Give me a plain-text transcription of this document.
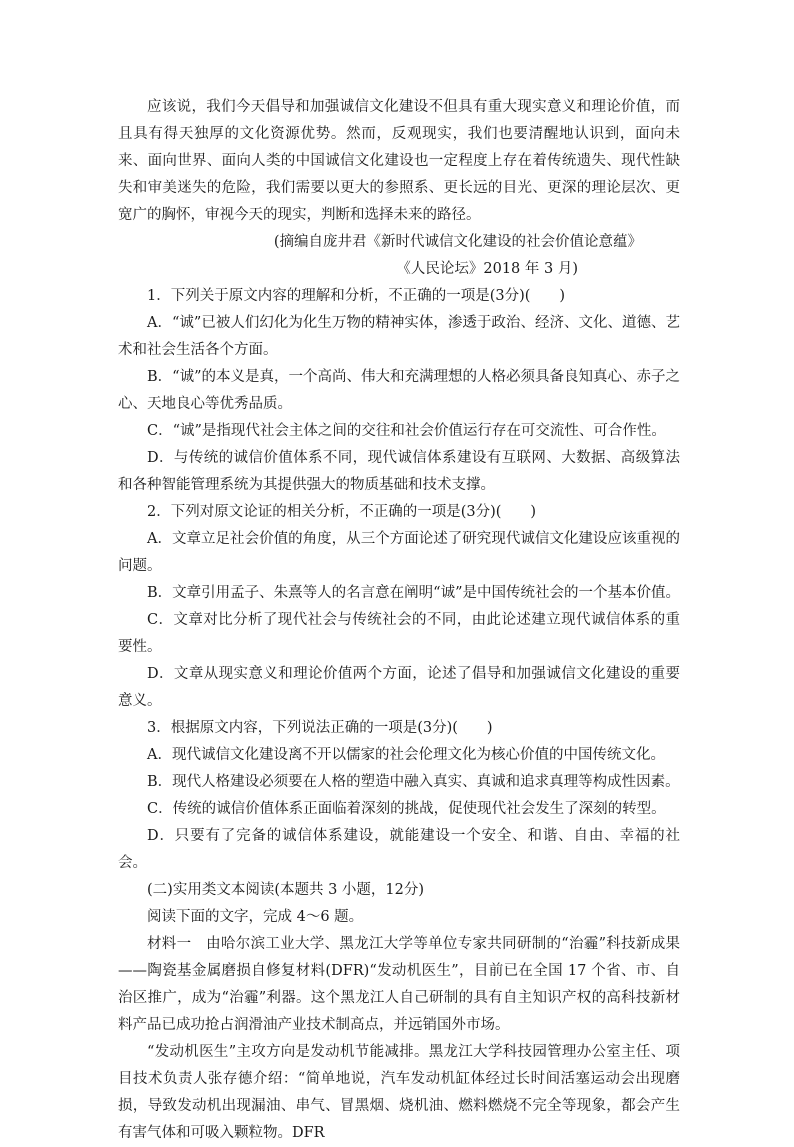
应该说，我们今天倡导和加强诚信文化建设不但具有重大现实意义和理论价值，而且具有得天独厚的文化资源优势。然而，反观现实，我们也要清醒地认识到，面向未来、面向世界、面向人类的中国诚信文化建设也一定程度上存在着传统遗失、现代性缺失和审美迷失的危险，我们需要以更大的参照系、更长远的目光、更深的理论层次、更宽广的胸怀，审视今天的现实，判断和选择未来的路径。

(摘编自庞井君《新时代诚信文化建设的社会价值论意蕴》

《人民论坛》2018 年 3 月)

1．下列关于原文内容的理解和分析，不正确的一项是(3分)(　　)

A．“诚”已被人们幻化为化生万物的精神实体，渗透于政治、经济、文化、道德、艺术和社会生活各个方面。

B．“诚”的本义是真，一个高尚、伟大和充满理想的人格必须具备良知真心、赤子之心、天地良心等优秀品质。

C．“诚”是指现代社会主体之间的交往和社会价值运行存在可交流性、可合作性。

D．与传统的诚信价值体系不同，现代诚信体系建设有互联网、大数据、高级算法和各种智能管理系统为其提供强大的物质基础和技术支撑。

2．下列对原文论证的相关分析，不正确的一项是(3分)(　　)

A．文章立足社会价值的角度，从三个方面论述了研究现代诚信文化建设应该重视的问题。

B．文章引用孟子、朱熹等人的名言意在阐明“诚”是中国传统社会的一个基本价值。

C．文章对比分析了现代社会与传统社会的不同，由此论述建立现代诚信体系的重要性。

D．文章从现实意义和理论价值两个方面，论述了倡导和加强诚信文化建设的重要意义。

3．根据原文内容，下列说法正确的一项是(3分)(　　)

A．现代诚信文化建设离不开以儒家的社会伦理文化为核心价值的中国传统文化。

B．现代人格建设必须要在人格的塑造中融入真实、真诚和追求真理等构成性因素。

C．传统的诚信价值体系正面临着深刻的挑战，促使现代社会发生了深刻的转型。

D．只要有了完备的诚信体系建设，就能建设一个安全、和谐、自由、幸福的社会。

(二)实用类文本阅读(本题共 3 小题，12分)

阅读下面的文字，完成 4～6 题。

材料一　由哈尔滨工业大学、黑龙江大学等单位专家共同研制的“治霾”科技新成果——陶瓷基金属磨损自修复材料(DFR)“发动机医生”，目前已在全国 17 个省、市、自治区推广，成为“治霾”利器。这个黑龙江人自己研制的具有自主知识产权的高科技新材料产品已成功抢占润滑油产业技术制高点，并远销国外市场。

“发动机医生”主攻方向是发动机节能减排。黑龙江大学科技园管理办公室主任、项目技术负责人张存德介绍：“简单地说，汽车发动机缸体经过长时间活塞运动会出现磨损，导致发动机出现漏油、串气、冒黑烟、烧机油、燃料燃烧不完全等现象，都会产生有害气体和可吸入颗粒物。DFR
